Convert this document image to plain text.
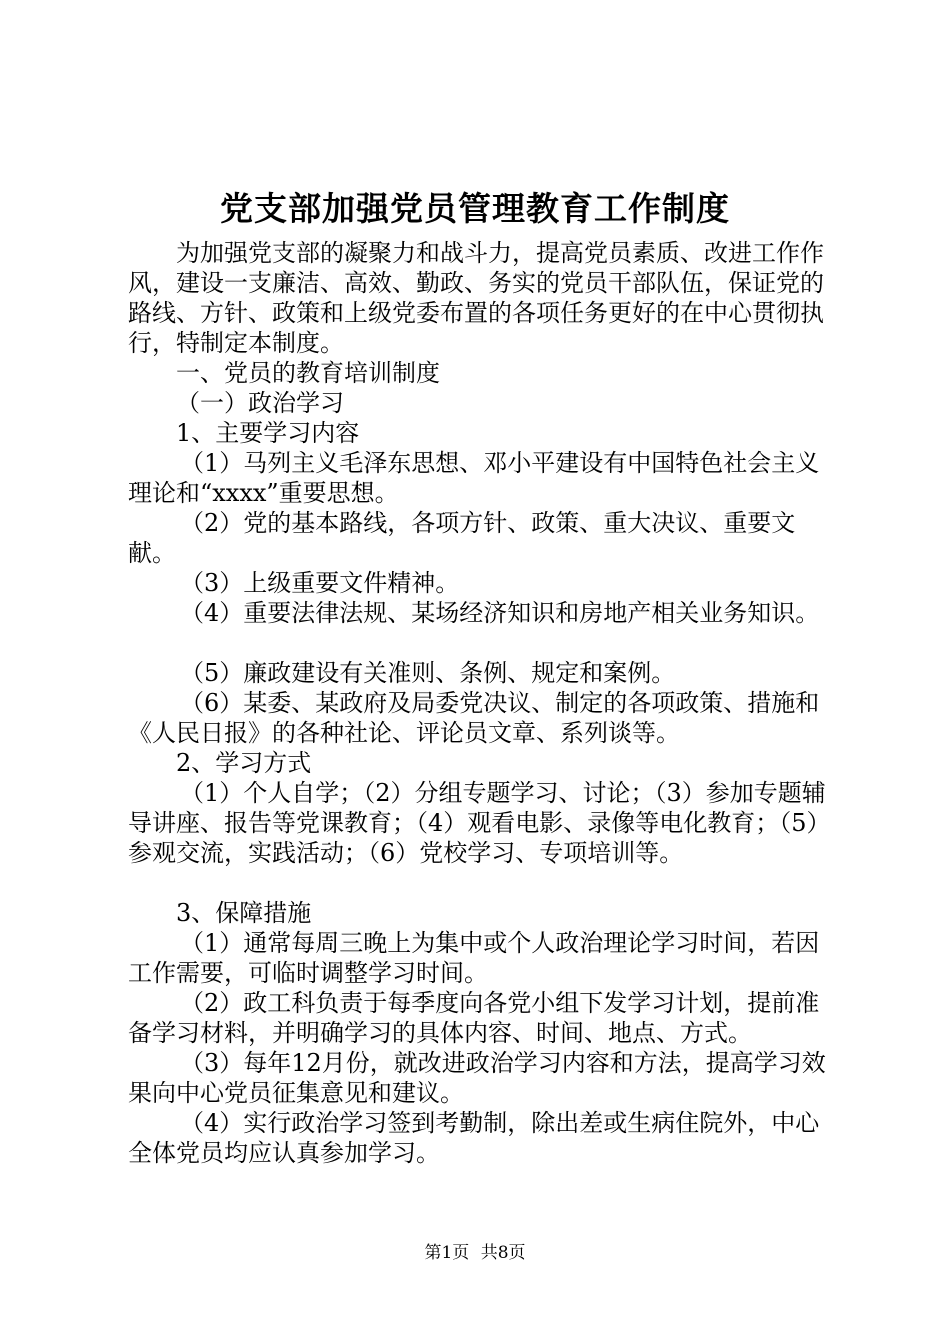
党支部加强党员管理教育工作制度

为加强党支部的凝聚力和战斗力，提高党员素质、改进工作作风，建设一支廉洁、高效、勤政、务实的党员干部队伍，保证党的路线、方针、政策和上级党委布置的各项任务更好的在中心贯彻执行，特制定本制度。

一、党员的教育培训制度

（一）政治学习

1、主要学习内容

（1）马列主义毛泽东思想、邓小平建设有中国特色社会主义理论和“xxxx”重要思想。

（2）党的基本路线，各项方针、政策、重大决议、重要文献。

（3）上级重要文件精神。

（4）重要法律法规、某场经济知识和房地产相关业务知识。

（5）廉政建设有关准则、条例、规定和案例。

（6）某委、某政府及局委党决议、制定的各项政策、措施和《人民日报》的各种社论、评论员文章、系列谈等。

2、学习方式

（1）个人自学；（2）分组专题学习、讨论；（3）参加专题辅导讲座、报告等党课教育；（4）观看电影、录像等电化教育；（5）参观交流，实践活动；（6）党校学习、专项培训等。

3、保障措施

（1）通常每周三晚上为集中或个人政治理论学习时间，若因工作需要，可临时调整学习时间。

（2）政工科负责于每季度向各党小组下发学习计划，提前准备学习材料，并明确学习的具体内容、时间、地点、方式。

（3）每年12月份，就改进政治学习内容和方法，提高学习效果向中心党员征集意见和建议。

（4）实行政治学习签到考勤制，除出差或生病住院外，中心全体党员均应认真参加学习。

第1页 共8页
